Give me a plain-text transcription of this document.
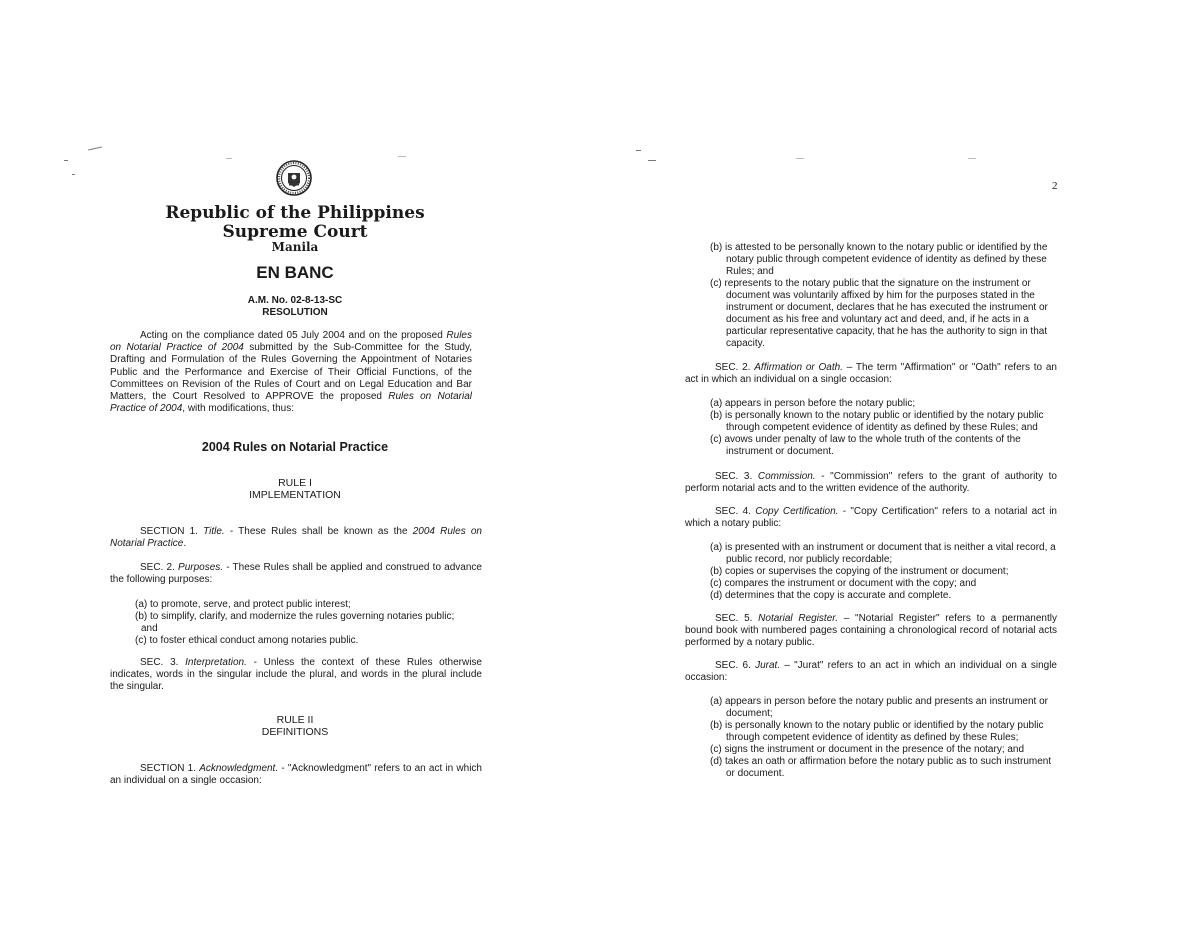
Republic of the Philippines
Supreme Court
Manila
EN BANC
A.M. No. 02-8-13-SC
RESOLUTION

Acting on the compliance dated 05 July 2004 and on the proposed Rules on Notarial Practice of 2004 submitted by the Sub-Committee for the Study, Drafting and Formulation of the Rules Governing the Appointment of Notaries Public and the Performance and Exercise of Their Official Functions, of the Committees on Revision of the Rules of Court and on Legal Education and Bar Matters, the Court Resolved to APPROVE the proposed Rules on Notarial Practice of 2004, with modifications, thus:

2004 Rules on Notarial Practice
RULE I
IMPLEMENTATION

SECTION 1. Title. - These Rules shall be known as the 2004 Rules on Notarial Practice.

SEC. 2. Purposes. - These Rules shall be applied and construed to advance the following purposes:

(a) to promote, serve, and protect public interest;
(b) to simplify, clarify, and modernize the rules governing notaries public;
and
(c) to foster ethical conduct among notaries public.

SEC. 3. Interpretation. - Unless the context of these Rules otherwise indicates, words in the singular include the plural, and words in the plural include the singular.

RULE II
DEFINITIONS

SECTION 1. Acknowledgment. - "Acknowledgment" refers to an act in which an individual on a single occasion:

2
(b) is attested to be personally known to the notary public or identified by the notary public through competent evidence of identity as defined by these Rules; and
(c) represents to the notary public that the signature on the instrument or document was voluntarily affixed by him for the purposes stated in the instrument or document, declares that he has executed the instrument or document as his free and voluntary act and deed, and, if he acts in a particular representative capacity, that he has the authority to sign in that capacity.

SEC. 2. Affirmation or Oath. – The term "Affirmation" or "Oath" refers to an act in which an individual on a single occasion:

(a) appears in person before the notary public;
(b) is personally known to the notary public or identified by the notary public through competent evidence of identity as defined by these Rules; and
(c) avows under penalty of law to the whole truth of the contents of the instrument or document.

SEC. 3. Commission. - "Commission" refers to the grant of authority to perform notarial acts and to the written evidence of the authority.

SEC. 4. Copy Certification. - "Copy Certification" refers to a notarial act in which a notary public:

(a) is presented with an instrument or document that is neither a vital record, a public record, nor publicly recordable;
(b) copies or supervises the copying of the instrument or document;
(c) compares the instrument or document with the copy; and
(d) determines that the copy is accurate and complete.

SEC. 5. Notarial Register. – "Notarial Register" refers to a permanently bound book with numbered pages containing a chronological record of notarial acts performed by a notary public.

SEC. 6. Jurat. – "Jurat" refers to an act in which an individual on a single occasion:

(a) appears in person before the notary public and presents an instrument or document;
(b) is personally known to the notary public or identified by the notary public through competent evidence of identity as defined by these Rules;
(c) signs the instrument or document in the presence of the notary; and
(d) takes an oath or affirmation before the notary public as to such instrument or document.
